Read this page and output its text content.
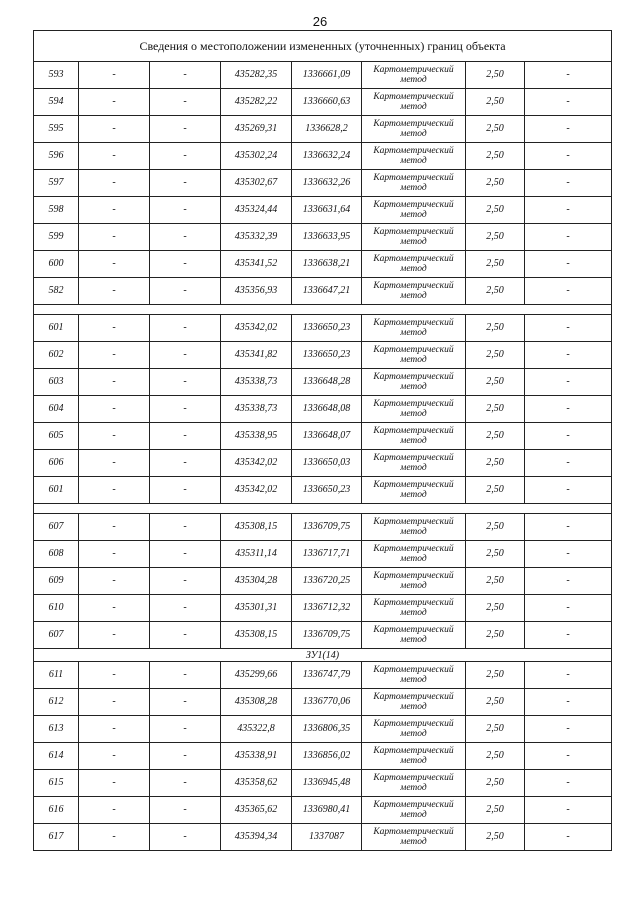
26
Сведения о местоположении измененных (уточненных) границ объекта							
593	-	-	435282,35	1336661,09	Картометрический метод	2,50	-
594	-	-	435282,22	1336660,63	Картометрический метод	2,50	-
595	-	-	435269,31	1336628,2	Картометрический метод	2,50	-
596	-	-	435302,24	1336632,24	Картометрический метод	2,50	-
597	-	-	435302,67	1336632,26	Картометрический метод	2,50	-
598	-	-	435324,44	1336631,64	Картометрический метод	2,50	-
599	-	-	435332,39	1336633,95	Картометрический метод	2,50	-
600	-	-	435341,52	1336638,21	Картометрический метод	2,50	-
582	-	-	435356,93	1336647,21	Картометрический метод	2,50	-

601	-	-	435342,02	1336650,23	Картометрический метод	2,50	-
602	-	-	435341,82	1336650,23	Картометрический метод	2,50	-
603	-	-	435338,73	1336648,28	Картометрический метод	2,50	-
604	-	-	435338,73	1336648,08	Картометрический метод	2,50	-
605	-	-	435338,95	1336648,07	Картометрический метод	2,50	-
606	-	-	435342,02	1336650,03	Картометрический метод	2,50	-
601	-	-	435342,02	1336650,23	Картометрический метод	2,50	-

607	-	-	435308,15	1336709,75	Картометрический метод	2,50	-
608	-	-	435311,14	1336717,71	Картометрический метод	2,50	-
609	-	-	435304,28	1336720,25	Картометрический метод	2,50	-
610	-	-	435301,31	1336712,32	Картометрический метод	2,50	-
607	-	-	435308,15	1336709,75	Картометрический метод	2,50	-
ЗУ1(14)							
611	-	-	435299,66	1336747,79	Картометрический метод	2,50	-
612	-	-	435308,28	1336770,06	Картометрический метод	2,50	-
613	-	-	435322,8	1336806,35	Картометрический метод	2,50	-
614	-	-	435338,91	1336856,02	Картометрический метод	2,50	-
615	-	-	435358,62	1336945,48	Картометрический метод	2,50	-
616	-	-	435365,62	1336980,41	Картометрический метод	2,50	-
617	-	-	435394,34	1337087	Картометрический метод	2,50	-
